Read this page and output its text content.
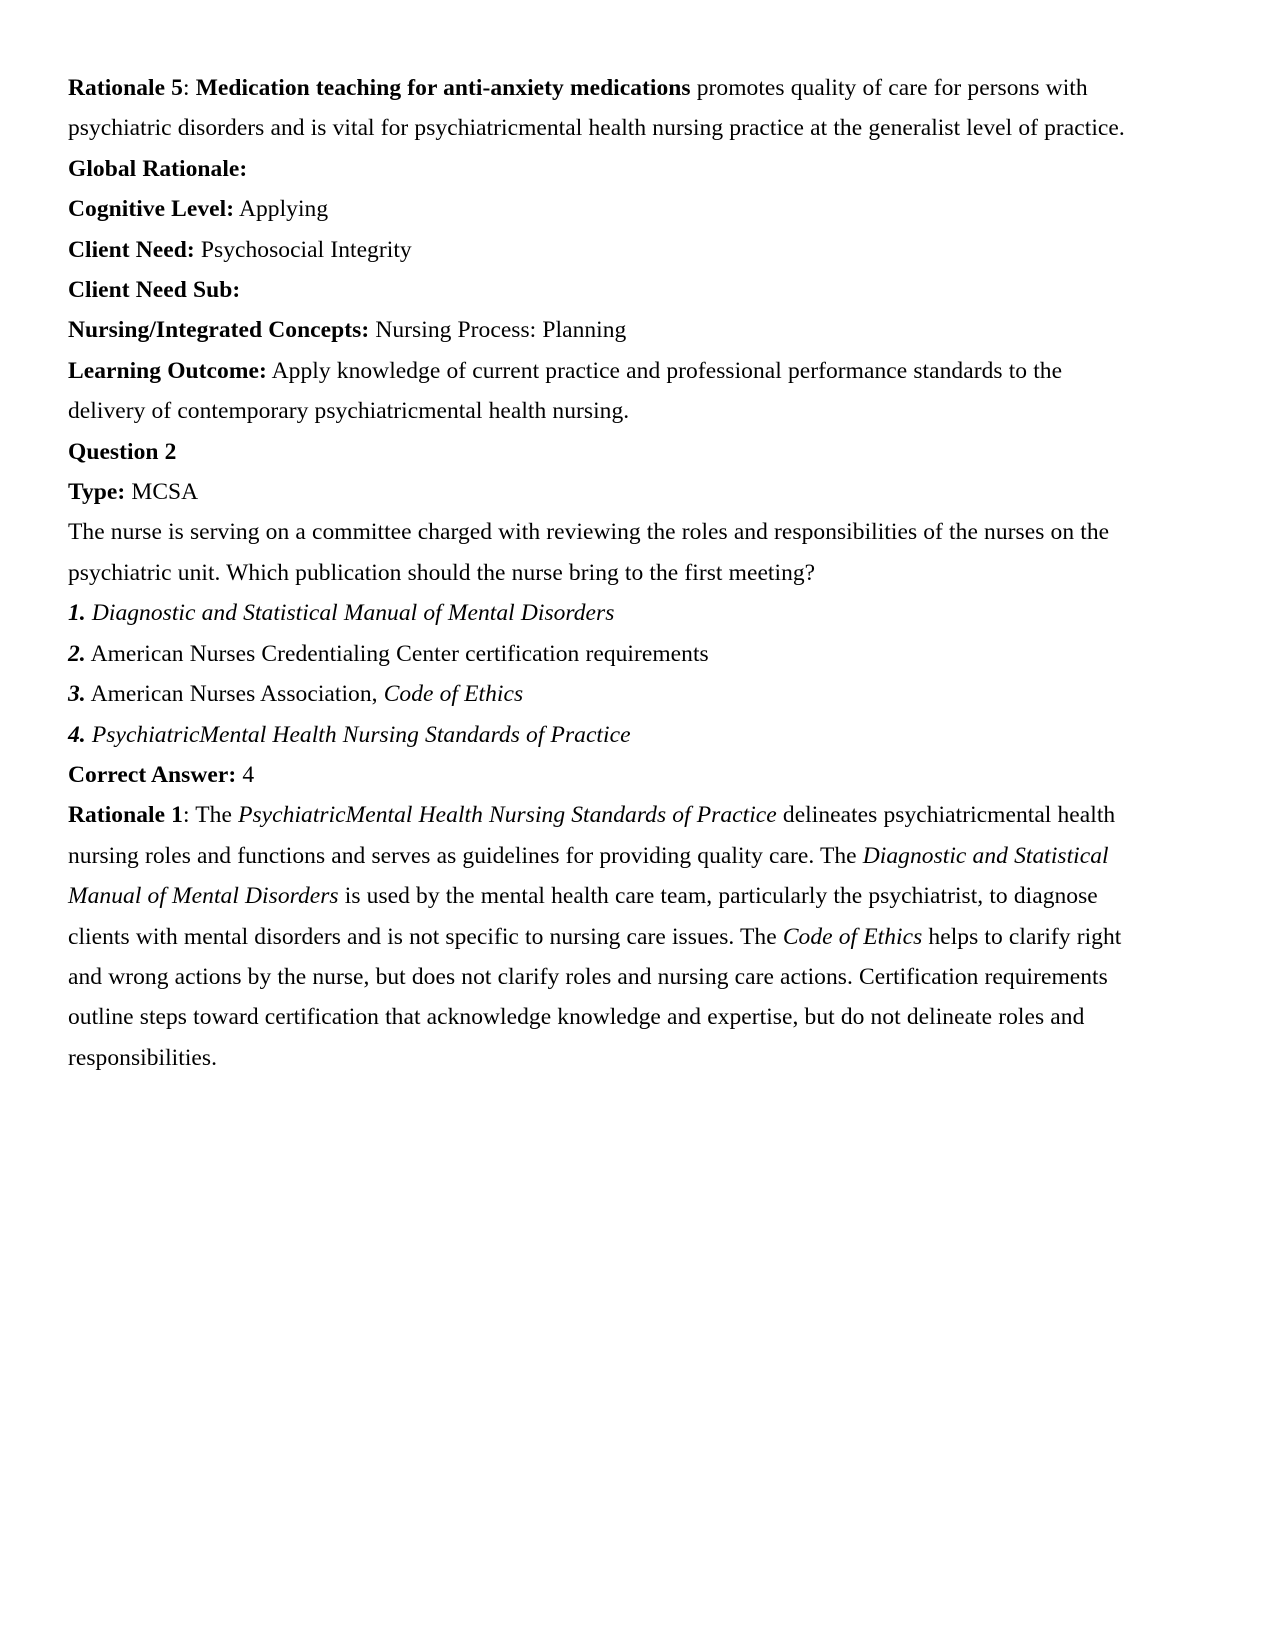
Rationale 5: Medication teaching for anti-anxiety medications promotes quality of care for persons with psychiatric disorders and is vital for psychiatricmental health nursing practice at the generalist level of practice.

Global Rationale:

Cognitive Level: Applying

Client Need: Psychosocial Integrity

Client Need Sub:

Nursing/Integrated Concepts: Nursing Process: Planning

Learning Outcome: Apply knowledge of current practice and professional performance standards to the delivery of contemporary psychiatricmental health nursing.

Question 2

Type: MCSA

The nurse is serving on a committee charged with reviewing the roles and responsibilities of the nurses on the psychiatric unit. Which publication should the nurse bring to the first meeting?

1. Diagnostic and Statistical Manual of Mental Disorders

2. American Nurses Credentialing Center certification requirements

3. American Nurses Association, Code of Ethics

4. PsychiatricMental Health Nursing Standards of Practice

Correct Answer: 4

Rationale 1: The PsychiatricMental Health Nursing Standards of Practice delineates psychiatricmental health nursing roles and functions and serves as guidelines for providing quality care. The Diagnostic and Statistical Manual of Mental Disorders is used by the mental health care team, particularly the psychiatrist, to diagnose clients with mental disorders and is not specific to nursing care issues. The Code of Ethics helps to clarify right and wrong actions by the nurse, but does not clarify roles and nursing care actions. Certification requirements outline steps toward certification that acknowledge knowledge and expertise, but do not delineate roles and responsibilities.
